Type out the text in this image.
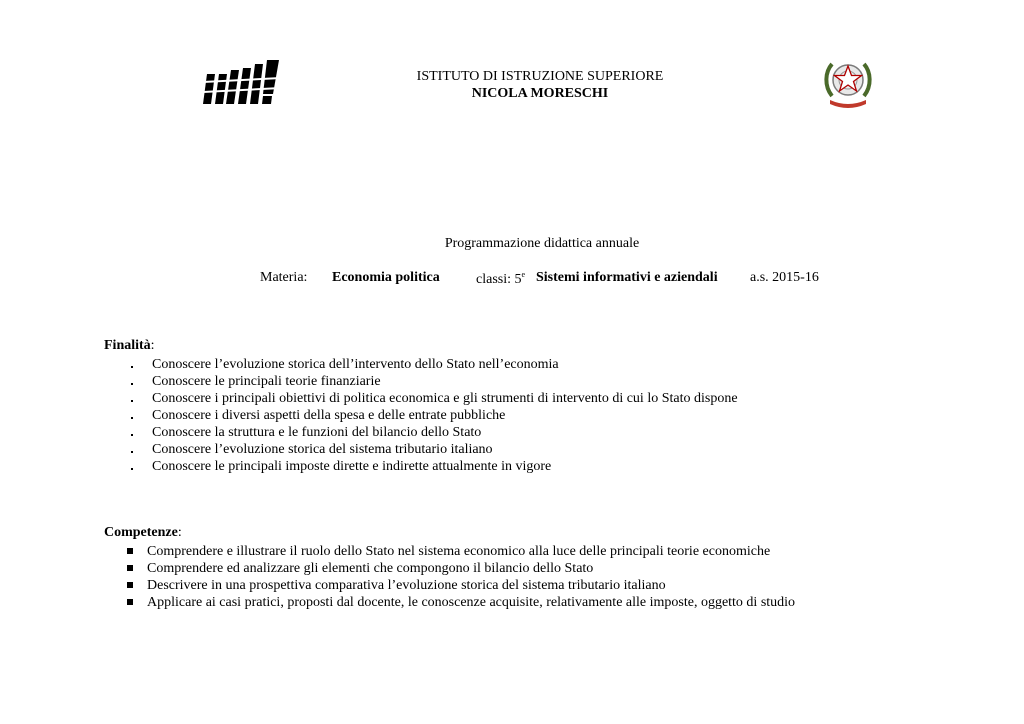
ISTITUTO DI ISTRUZIONE SUPERIORE
NICOLA MORESCHI
Programmazione didattica annuale
Materia: Economia politica	classi: 5e Sistemi informativi e aziendali a.s. 2015-16
Finalità:
Conoscere l’evoluzione storica dell’intervento dello Stato nell’economia
Conoscere le principali teorie finanziarie
Conoscere i principali obiettivi di politica economica e gli strumenti di intervento di cui lo Stato dispone
Conoscere i diversi aspetti della spesa e delle entrate pubbliche
Conoscere la struttura e le funzioni del bilancio dello Stato
Conoscere l’evoluzione storica del sistema tributario italiano
Conoscere le principali imposte dirette e indirette attualmente in vigore
Competenze:
Comprendere e illustrare il ruolo dello Stato nel sistema economico alla luce delle principali teorie economiche
Comprendere ed analizzare gli elementi che compongono il bilancio dello Stato
Descrivere in una prospettiva comparativa l’evoluzione storica del sistema tributario italiano
Applicare ai casi pratici, proposti dal docente, le conoscenze acquisite, relativamente alle imposte, oggetto di studio
